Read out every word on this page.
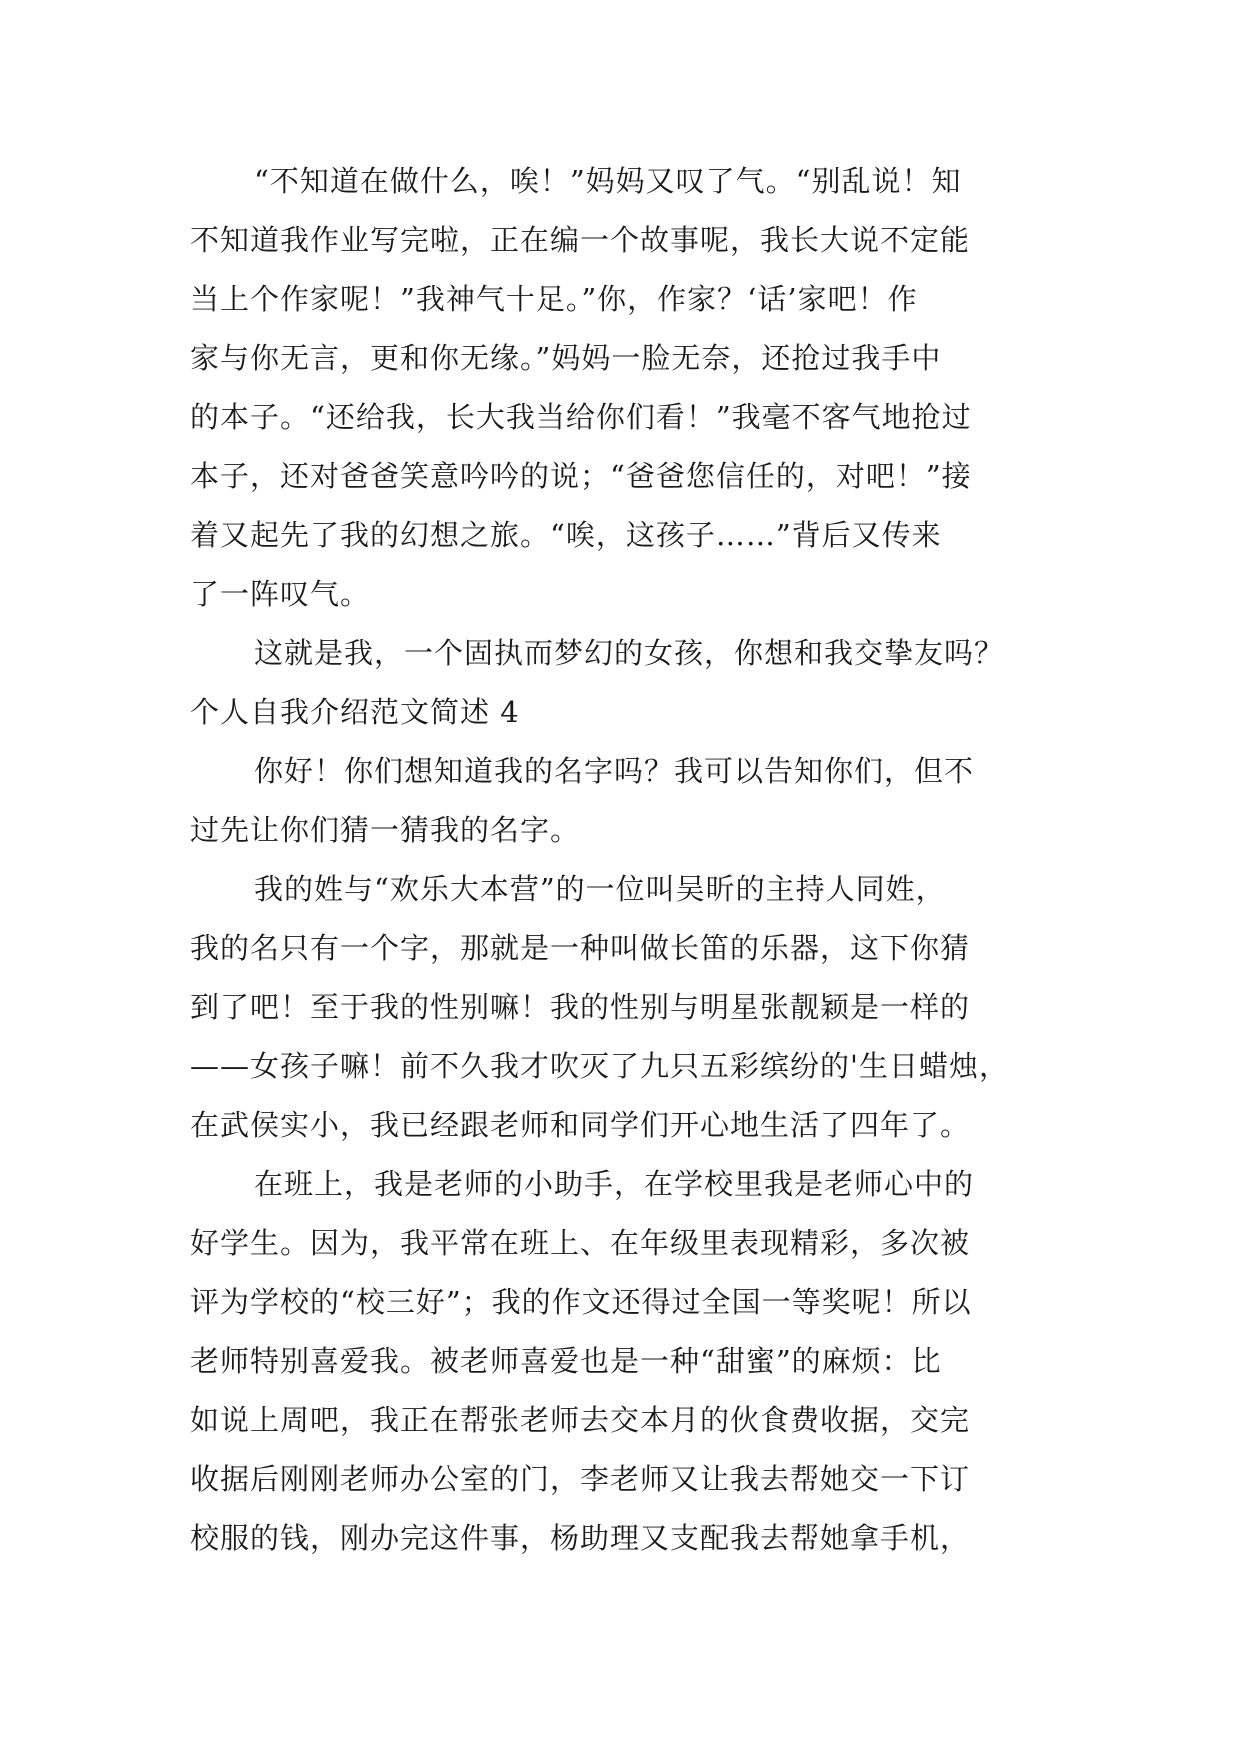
“不知道在做什么，唉！”妈妈又叹了气。“别乱说！知
不知道我作业写完啦，正在编一个故事呢，我长大说不定能
当上个作家呢！”我神气十足。”你，作家？‘话’家吧！作
家与你无言，更和你无缘。”妈妈一脸无奈，还抢过我手中
的本子。“还给我，长大我当给你们看！”我毫不客气地抢过
本子，还对爸爸笑意吟吟的说；“爸爸您信任的，对吧！”接
着又起先了我的幻想之旅。“唉，这孩子……”背后又传来
了一阵叹气。
这就是我，一个固执而梦幻的女孩，你想和我交挚友吗？
个人自我介绍范文简述 4
你好！你们想知道我的名字吗？我可以告知你们，但不
过先让你们猜一猜我的名字。
我的姓与“欢乐大本营”的一位叫吴昕的主持人同姓，
我的名只有一个字，那就是一种叫做长笛的乐器，这下你猜
到了吧！至于我的性别嘛！我的性别与明星张靓颖是一样的
——女孩子嘛！前不久我才吹灭了九只五彩缤纷的'生日蜡烛，
在武侯实小，我已经跟老师和同学们开心地生活了四年了。
在班上，我是老师的小助手，在学校里我是老师心中的
好学生。因为，我平常在班上、在年级里表现精彩，多次被
评为学校的“校三好”；我的作文还得过全国一等奖呢！所以
老师特别喜爱我。被老师喜爱也是一种“甜蜜”的麻烦：比
如说上周吧，我正在帮张老师去交本月的伙食费收据，交完
收据后刚刚老师办公室的门，李老师又让我去帮她交一下订
校服的钱，刚办完这件事，杨助理又支配我去帮她拿手机，
